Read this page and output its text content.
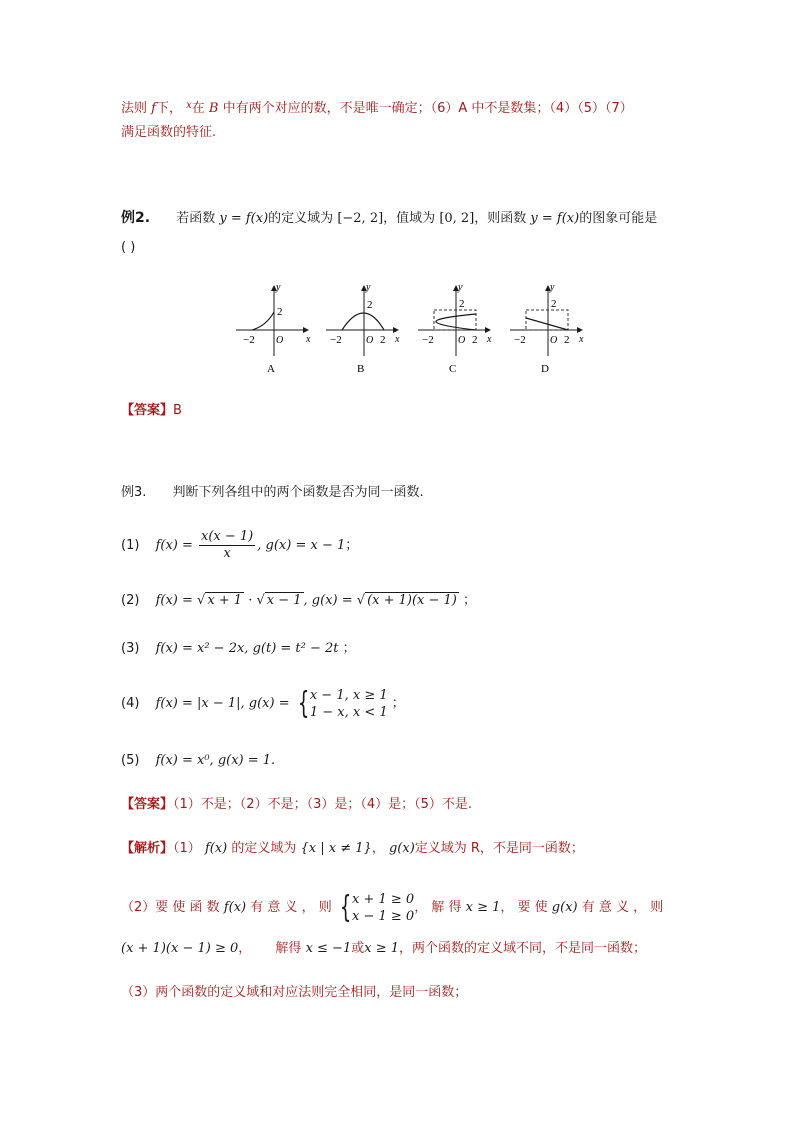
法则 f下， $^x$在 B 中有两个对应的数，不是唯一确定；（6）A 中不是数集；（4）（5）（7）
满足函数的特征.
例2. 若函数 y = f(x)的定义域为 [−2, 2]，值域为 [0, 2]，则函数 y = f(x)的图象可能是
( )
y
x
2
−2 O
A
y
x
2
−2 O 2
B
y
x
2
−2 O 2
C
y
x
2
−2 O 2
D
【答案】B
例3. 判断下列各组中的两个函数是否为同一函数.
(1) $f(x) = \frac{x(x - 1)}{x}$ , g(x) = x − 1；
(2) f(x) = √ x + 1 · √ x − 1 , g(x) = √ (x + 1)(x − 1) ；
(3) f(x) = x² − 2x, g(t) = t² − 2t ；
(4) f(x) = |x − 1|, g(x) = { x − 1, x ≥ 1
1 − x, x < 1
；
(5) f(x) = x⁰, g(x) = 1.
【答案】（1）不是；（2）不是；（3）是；（4）是；（5）不是.
【解析】（1） f(x) 的定义域为 {x | x ≠ 1}， g(x)定义域为 R，不是同一函数；
（2）要 使 函 数 f(x) 有 意 义 ， 则 { x + 1 ≥ 0
x − 1 ≥ 0
， 解 得 x ≥ 1， 要 使 g(x) 有 意 义 ， 则
(x + 1)(x − 1) ≥ 0， 解得 x ≤ −1或x ≥ 1，两个函数的定义域不同，不是同一函数；
（3）两个函数的定义域和对应法则完全相同，是同一函数；
